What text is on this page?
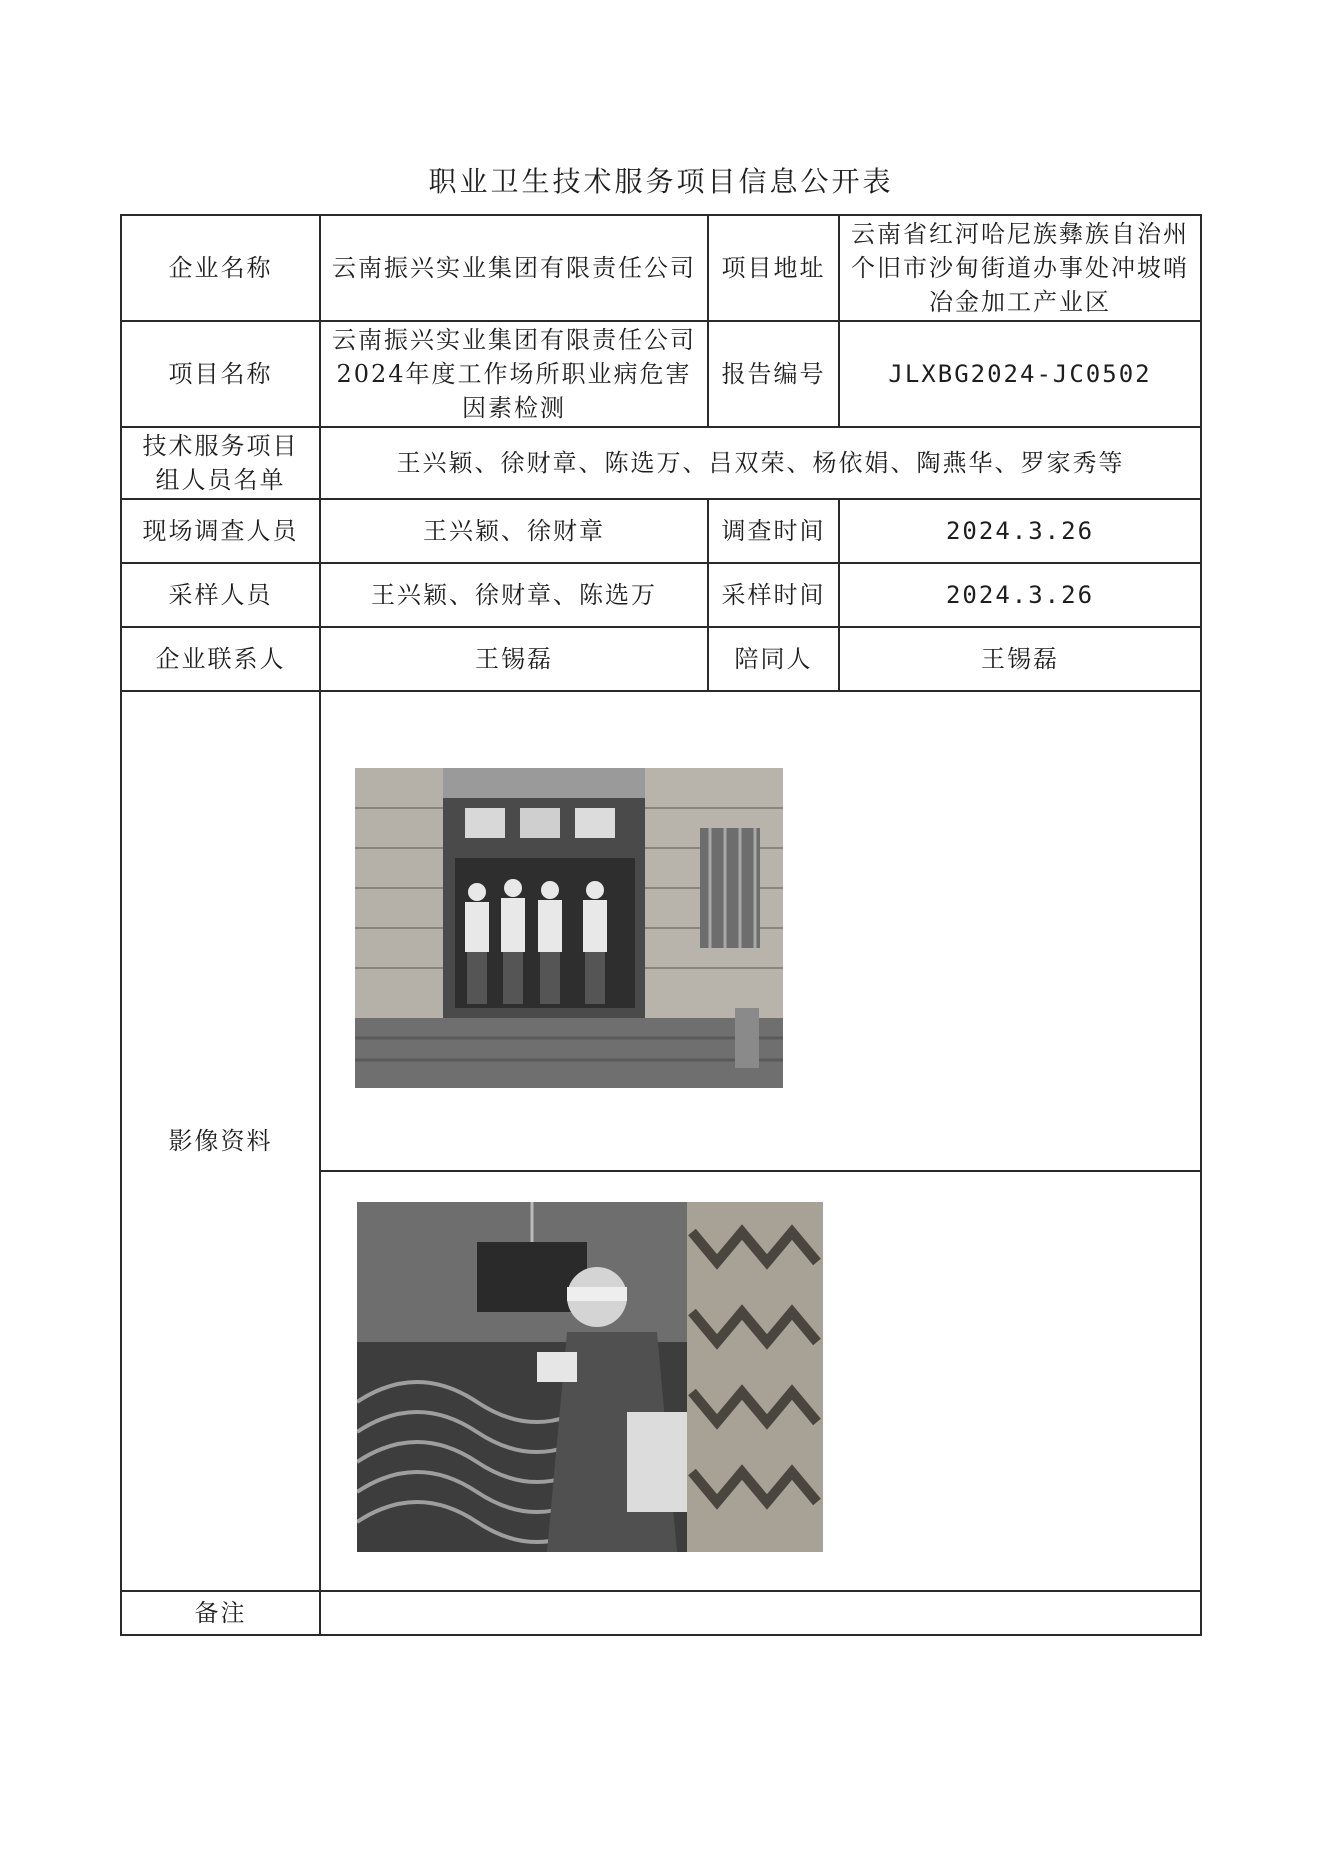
职业卫生技术服务项目信息公开表
企业名称	云南振兴实业集团有限责任公司	项目地址	云南省红河哈尼族彝族自治州个旧市沙甸街道办事处冲坡哨冶金加工产业区
项目名称	云南振兴实业集团有限责任公司2024年度工作场所职业病危害因素检测	报告编号	JLXBG2024-JC0502
技术服务项目组人员名单	王兴颖、徐财章、陈选万、吕双荣、杨依娟、陶燕华、罗家秀等		
现场调查人员	王兴颖、徐财章	调查时间	2024.3.26
采样人员	王兴颖、徐财章、陈选万	采样时间	2024.3.26
企业联系人	王锡磊	陪同人	王锡磊
影像资料	

备注			
